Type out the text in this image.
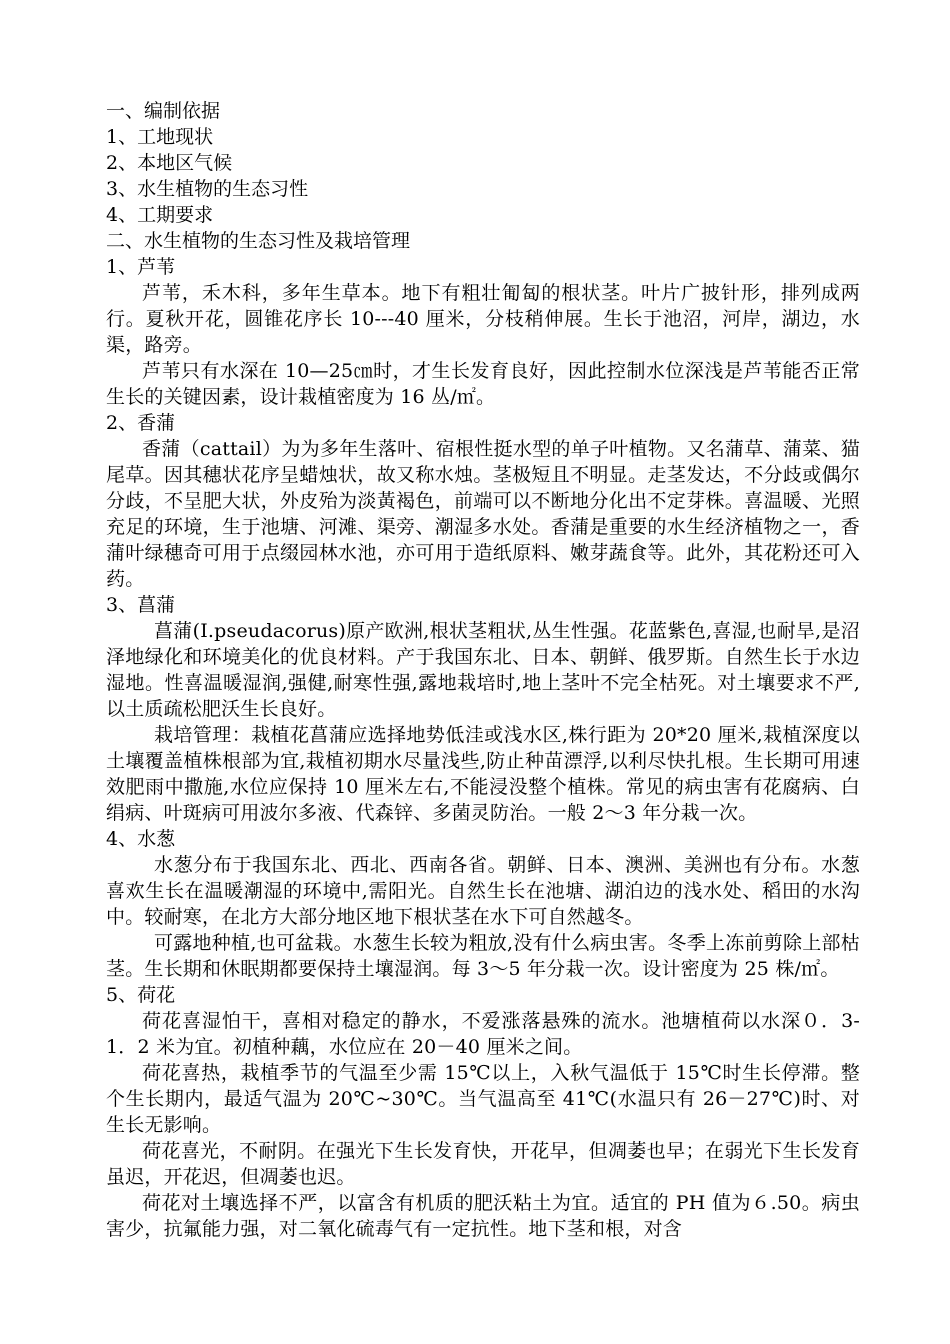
一、编制依据

1、工地现状

2、本地区气候

3、水生植物的生态习性

4、工期要求

二、水生植物的生态习性及栽培管理

1、芦苇

芦苇，禾木科，多年生草本。地下有粗壮匍匐的根状茎。叶片广披针形，排列成两行。夏秋开花，圆锥花序长 10---40 厘米，分枝稍伸展。生长于池沼，河岸，湖边，水渠，路旁。

芦苇只有水深在 10—25㎝时，才生长发育良好，因此控制水位深浅是芦苇能否正常生长的关键因素，设计栽植密度为 16 丛/㎡。

2、香蒲

香蒲（cattail）为为多年生落叶、宿根性挺水型的单子叶植物。又名蒲草、蒲菜、猫尾草。因其穗状花序呈蜡烛状，故又称水烛。茎极短且不明显。走茎发达，不分歧或偶尔分歧，不呈肥大状，外皮殆为淡黃褐色，前端可以不断地分化出不定芽株。喜温暖、光照充足的环境，生于池塘、河滩、渠旁、潮湿多水处。香蒲是重要的水生经济植物之一，香蒲叶绿穗奇可用于点缀园林水池，亦可用于造纸原料、嫩芽蔬食等。此外，其花粉还可入药。

3、菖蒲

菖蒲(I.pseudacorus)原产欧洲,根状茎粗状,丛生性强。花蓝紫色,喜湿,也耐旱,是沼泽地绿化和环境美化的优良材料。产于我国东北、日本、朝鲜、俄罗斯。自然生长于水边湿地。性喜温暖湿润,强健,耐寒性强,露地栽培时,地上茎叶不完全枯死。对土壤要求不严,以土质疏松肥沃生长良好。

栽培管理：栽植花菖蒲应选择地势低洼或浅水区,株行距为 20*20 厘米,栽植深度以土壤覆盖植株根部为宜,栽植初期水尽量浅些,防止种苗漂浮,以利尽快扎根。生长期可用速效肥雨中撒施,水位应保持 10 厘米左右,不能浸没整个植株。常见的病虫害有花腐病、白绢病、叶斑病可用波尔多液、代森锌、多菌灵防治。一般 2～3 年分栽一次。

4、水葱

水葱分布于我国东北、西北、西南各省。朝鲜、日本、澳洲、美洲也有分布。水葱喜欢生长在温暖潮湿的环境中,需阳光。自然生长在池塘、湖泊边的浅水处、稻田的水沟中。较耐寒，在北方大部分地区地下根状茎在水下可自然越冬。

可露地种植,也可盆栽。水葱生长较为粗放,没有什么病虫害。冬季上冻前剪除上部枯茎。生长期和休眠期都要保持土壤湿润。每 3～5 年分栽一次。设计密度为 25 株/㎡。

5、荷花

荷花喜湿怕干，喜相对稳定的静水，不爱涨落悬殊的流水。池塘植荷以水深０．3-1．2 米为宜。初植种藕，水位应在 20－40 厘米之间。

荷花喜热，栽植季节的气温至少需 15℃以上，入秋气温低于 15℃时生长停滞。整个生长期内，最适气温为 20℃~30℃。当气温高至 41℃(水温只有 26－27℃)时、对生长无影响。

荷花喜光，不耐阴。在强光下生长发育快，开花早，但凋萎也早；在弱光下生长发育虽迟，开花迟，但凋萎也迟。

荷花对土壤选择不严，以富含有机质的肥沃粘土为宜。适宜的 PH 值为６.50。病虫害少，抗氟能力强，对二氧化硫毒气有一定抗性。地下茎和根，对含
